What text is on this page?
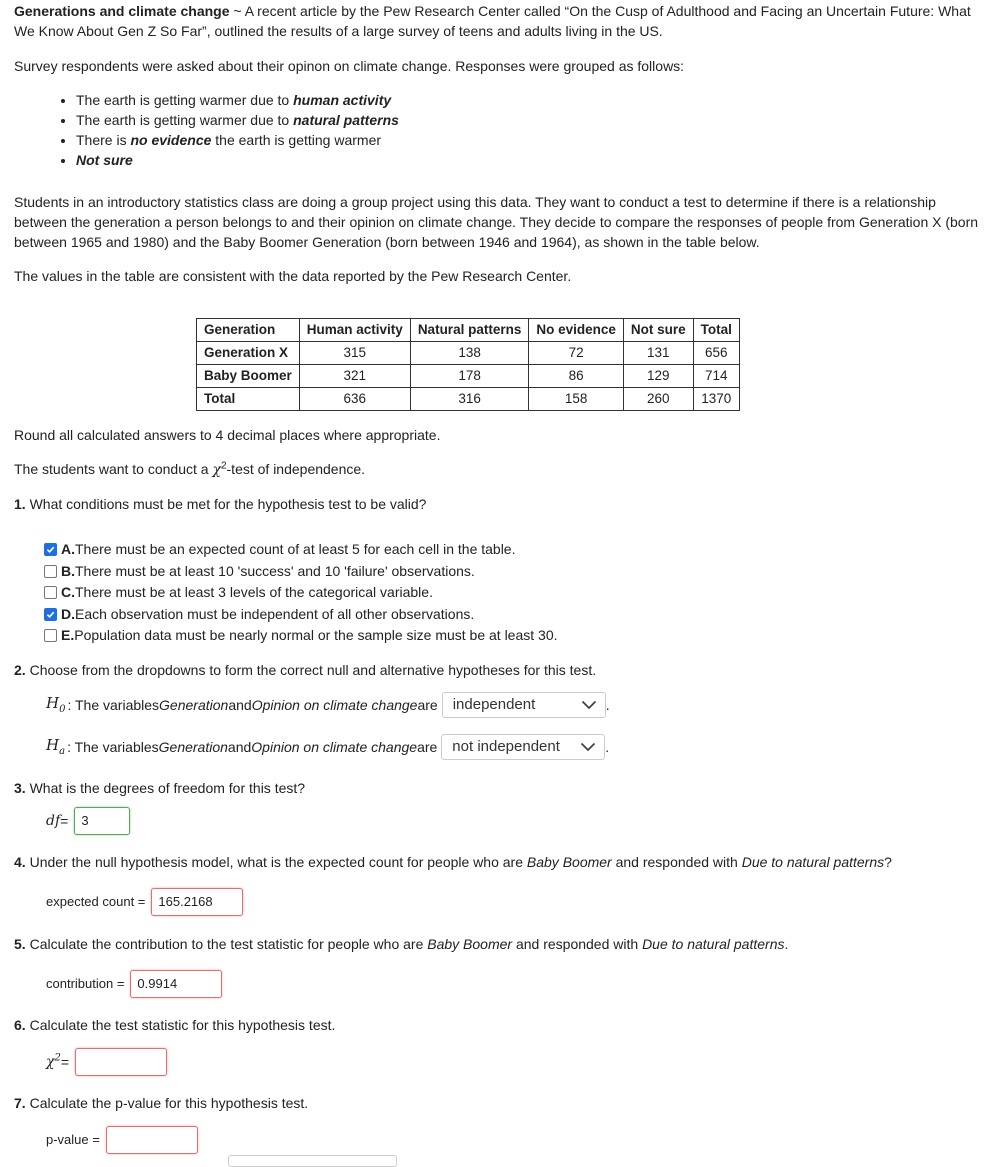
Generations and climate change ~ A recent article by the Pew Research Center called “On the Cusp of Adulthood and Facing an Uncertain Future: What We Know About Gen Z So Far”, outlined the results of a large survey of teens and adults living in the US.

Survey respondents were asked about their opinon on climate change. Responses were grouped as follows:

• The earth is getting warmer due to human activity
• The earth is getting warmer due to natural patterns
• There is no evidence the earth is getting warmer
• Not sure

Students in an introductory statistics class are doing a group project using this data. They want to conduct a test to determine if there is a relationship between the generation a person belongs to and their opinion on climate change. They decide to compare the responses of people from Generation X (born between 1965 and 1980) and the Baby Boomer Generation (born between 1946 and 1964), as shown in the table below.

The values in the table are consistent with the data reported by the Pew Research Center.

Generation	Human activity	Natural patterns	No evidence	Not sure	Total
Generation X	315	138	72	131	656
Baby Boomer	321	178	86	129	714
Total	636	316	158	260	1370

Round all calculated answers to 4 decimal places where appropriate.

The students want to conduct a $\chi^2$-test of independence.

1. What conditions must be met for the hypothesis test to be valid?

A. There must be an expected count of at least 5 for each cell in the table.
B. There must be at least 10 'success' and 10 'failure' observations.
C. There must be at least 3 levels of the categorical variable.
D. Each observation must be independent of all other observations.
E. Population data must be nearly normal or the sample size must be at least 30.

2. Choose from the dropdowns to form the correct null and alternative hypotheses for this test.

$H_0$ : The variables Generation and Opinion on climate change are independent	.
$H_a$ : The variables Generation and Opinion on climate change are not independent	.

3. What is the degrees of freedom for this test?

df =	3

4. Under the null hypothesis model, what is the expected count for people who are Baby Boomer and responded with Due to natural patterns?

expected count =	165.2168

5. Calculate the contribution to the test statistic for people who are Baby Boomer and responded with Due to natural patterns.

contribution =	0.9914

6. Calculate the test statistic for this hypothesis test.

$\chi^2$ =

7. Calculate the p-value for this hypothesis test.

p-value =
